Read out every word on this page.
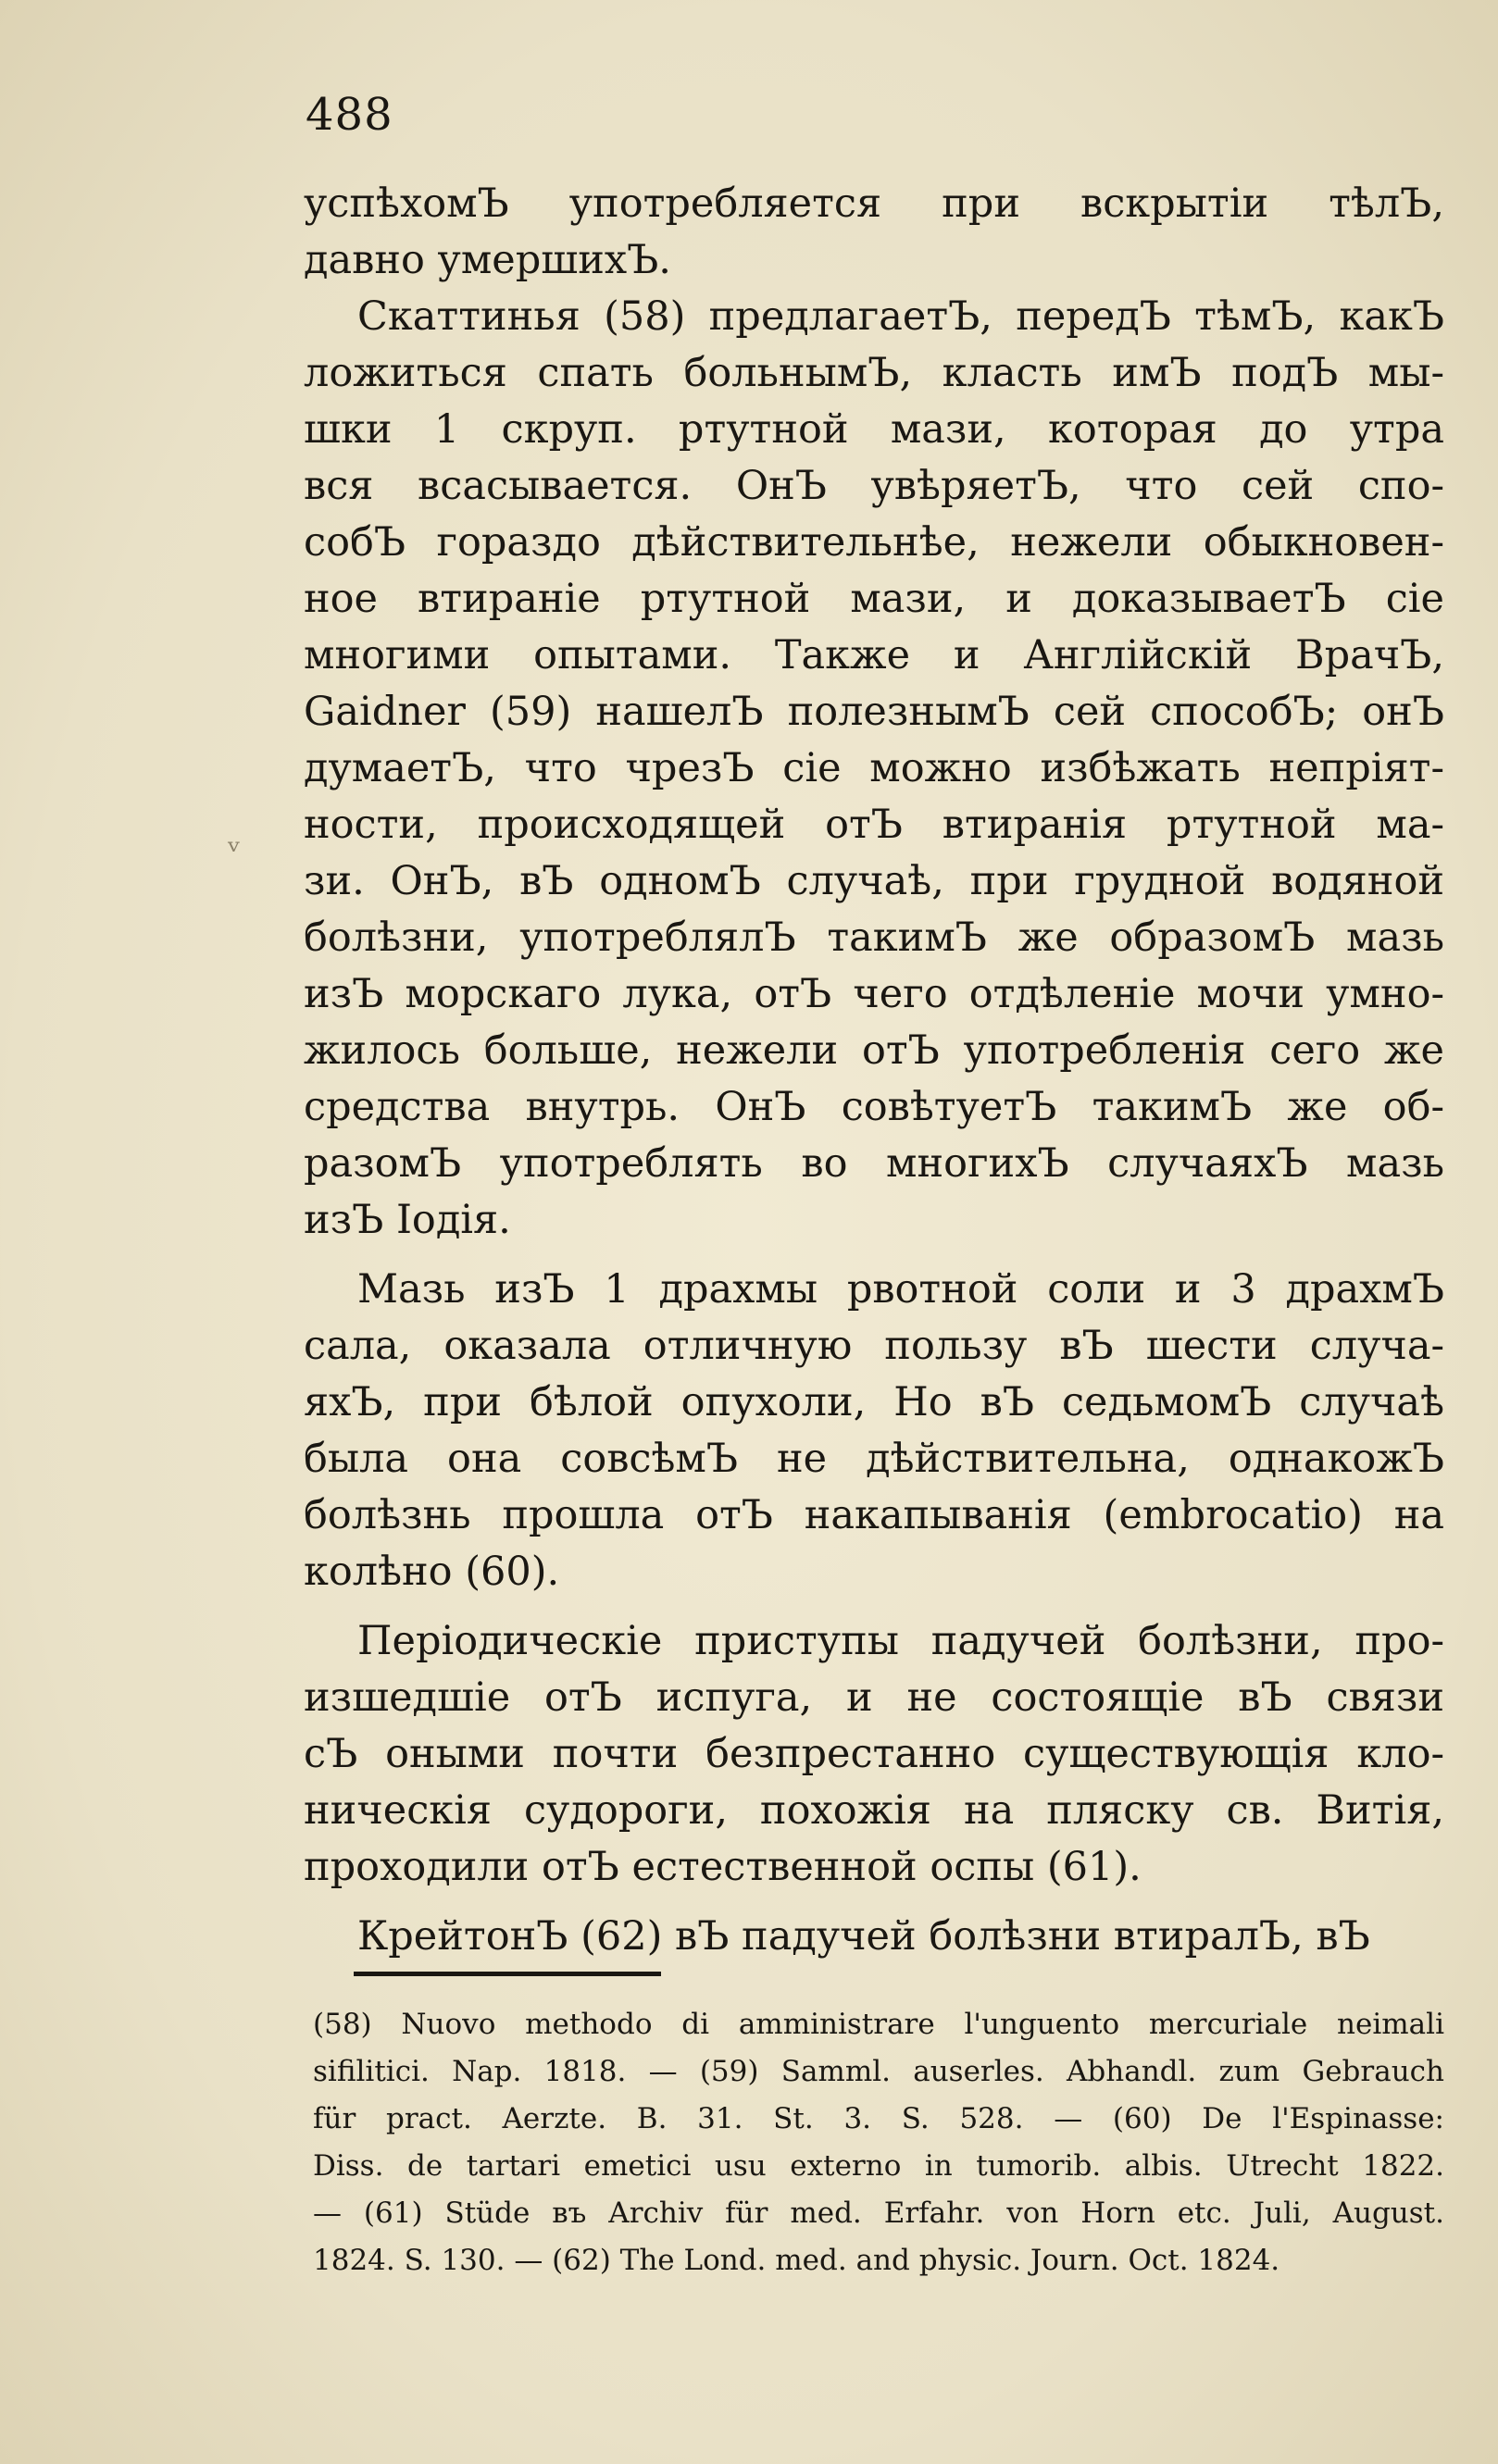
488
успѣхомЪ употребляется при вскрытіи тѣлЪ,
давно умершихЪ.
Скаттинья (58) предлагаетЪ, передЪ тѣмЪ, какЪ
ложиться спать больнымЪ, класть имЪ подЪ мы-
шки 1 скруп. ртутной мази, которая до утра
вся всасывается. ОнЪ увѣряетЪ, что сей спо-
собЪ гораздо дѣйствительнѣе, нежели обыкновен-
ное втираніе ртутной мази, и доказываетЪ сіе
многими опытами. Также и Англійскій ВрачЪ,
Gaidner (59) нашелЪ полезнымЪ сей способЪ; онЪ
думаетЪ, что чрезЪ сіе можно избѣжать непріят-
ности, происходящей отЪ втиранія ртутной ма-
зи. ОнЪ, вЪ одномЪ случаѣ, при грудной водяной
болѣзни, употреблялЪ такимЪ же образомЪ мазь
изЪ морскаго лука, отЪ чего отдѣленіе мочи умно-
жилось больше, нежели отЪ употребленія сего же
средства внутрь. ОнЪ совѣтуетЪ такимЪ же об-
разомЪ употреблять во многихЪ случаяхЪ мазь
изЪ Іодія.
Мазь изЪ 1 драхмы рвотной соли и 3 драхмЪ
сала, оказала отличную пользу вЪ шести случа-
яхЪ, при бѣлой опухоли, Но вЪ седьмомЪ случаѣ
была она совсѣмЪ не дѣйствительна, однакожЪ
болѣзнь прошла отЪ накапыванія (embrocatio) на
колѣно (60).
Періодическіе приступы падучей болѣзни, про-
изшедшіе отЪ испуга, и не состоящіе вЪ связи
сЪ оными почти безпрестанно существующія кло-
ническія судороги, похожія на пляску св. Витія,
проходили отЪ естественной оспы (61).
КрейтонЪ (62) вЪ падучей болѣзни втиралЪ, вЪ
(58) Nuovo methodo di amministrare l'unguento mercuriale neimali
sifilitici. Nap. 1818. — (59) Samml. auserles. Abhandl. zum Gebrauch
für pract. Aerzte. B. 31. St. 3. S. 528. — (60) De l'Espinasse:
Diss. de tartari emetici usu externo in tumorib. albis. Utrecht 1822.
— (61) Stüde въ Archiv für med. Erfahr. von Horn etc. Juli, August.
1824. S. 130. — (62) The Lond. med. and physic. Journ. Oct. 1824.
ᵥ
